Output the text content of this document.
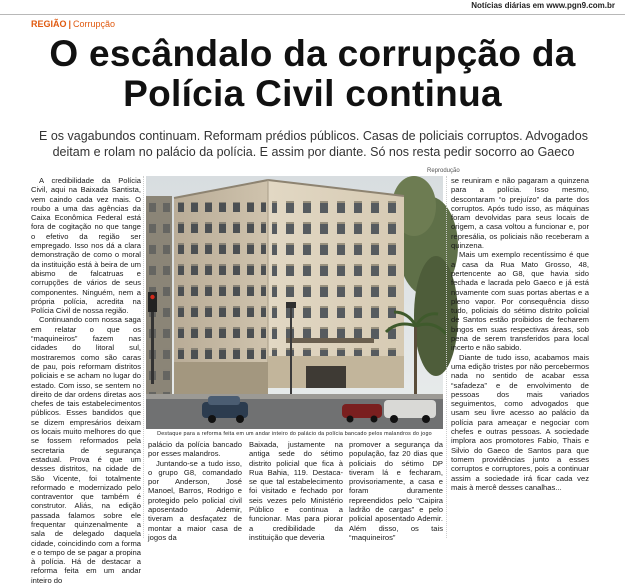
Notícias diárias em www.pgn9.com.br
REGIÃO | Corrupção
O escândalo da corrupção da
Polícia Civil continua

E os vagabundos continuam. Reformam prédios públicos. Casas de policiais corruptos. Advogados deitam e rolam no palácio da polícia. E assim por diante. Só nos resta pedir socorro ao Gaeco

A credibilidade da Polícia Civil, aqui na Baixada Santista, vem caindo cada vez mais. O roubo a uma das agências da Caixa Econômica Federal está fora de cogitação no que tange o efetivo da região ser empregado. Isso nos dá a clara demonstração de como o moral da instituição está à beira de um abismo de falcatruas e corrupções de vários de seus componentes. Ninguém, nem a própria polícia, acredita na Polícia Civil de nossa região.

Continuando com nossa saga em relatar o que os “maquineiros” fazem nas cidades do litoral sul, mostraremos como são caras de pau, pois reformam distritos policiais e se acham no lugar do estado. Com isso, se sentem no direito de dar ordens diretas aos chefes de tais estabelecimentos públicos. Esses bandidos que se dizem empresários deixam os locais muito melhores do que se fossem reformados pela secretaria de segurança estadual. Prova é que um desses distritos, na cidade de São Vicente, foi totalmente reformado e modernizado pelo contraventor que também é construtor. Aliás, na edição passada falamos sobre ele frequentar quinzenalmente a sala de delegado daquela cidade, coincidindo com a forma e o tempo de se pagar a propina à polícia. Há de destacar a reforma feita em um andar inteiro do

Reprodução
Destaque para a reforma feita em um andar inteiro do palácio da polícia bancado pelos malandros do jogo

palácio da polícia bancado por esses malandros.

Juntando-se a tudo isso, o grupo G8, comandado por Anderson, José Manoel, Barros, Rodrigo e protegido pelo policial civil aposentado Ademir, tiveram a desfaçatez de montar a maior casa de jogos da

Baixada, justamente na antiga sede do sétimo distrito policial que fica à Rua Bahia, 119. Destaca-se que tal estabelecimento foi visitado e fechado por seis vezes pelo Ministério Público e continua a funcionar. Mas para piorar a credibilidade da instituição que deveria

promover a segurança da população, faz 20 dias que policiais do sétimo DP tiveram lá e fecharam, provisoriamente, a casa e foram duramente repreendidos pelo “Caipira ladrão de cargas” e pelo policial aposentado Ademir. Além disso, os tais “maquineiros”

se reuniram e não pagaram a quinzena para a polícia. Isso mesmo, descontaram “o prejuízo” da parte dos corruptos. Após tudo isso, as máquinas foram devolvidas para seus locais de origem, a casa voltou a funcionar e, por represália, os policiais não receberam a quinzena.

Mais um exemplo recentíssimo é que a casa da Rua Mato Grosso, 48, pertencente ao G8, que havia sido fechada e lacrada pelo Gaeco e já está novamente com suas portas abertas e a pleno vapor. Por consequência disso tudo, policiais do sétimo distrito policial de Santos estão proibidos de fecharem bingos em suas respectivas áreas, sob pena de serem transferidos para local incerto e não sabido.

Diante de tudo isso, acabamos mais uma edição tristes por não percebermos nada no sentido de acabar essa “safadeza” e de envolvimento de pessoas dos mais variados seguimentos, como advogados que usam seu livre acesso ao palácio da polícia para ameaçar e negociar com chefes e outras pessoas. A sociedade implora aos promotores Fabio, Thais e Silvio do Gaeco de Santos para que tomem providências junto a esses corruptos e corruptores, pois a continuar assim a sociedade irá ficar cada vez mais à mercê desses canalhas...
